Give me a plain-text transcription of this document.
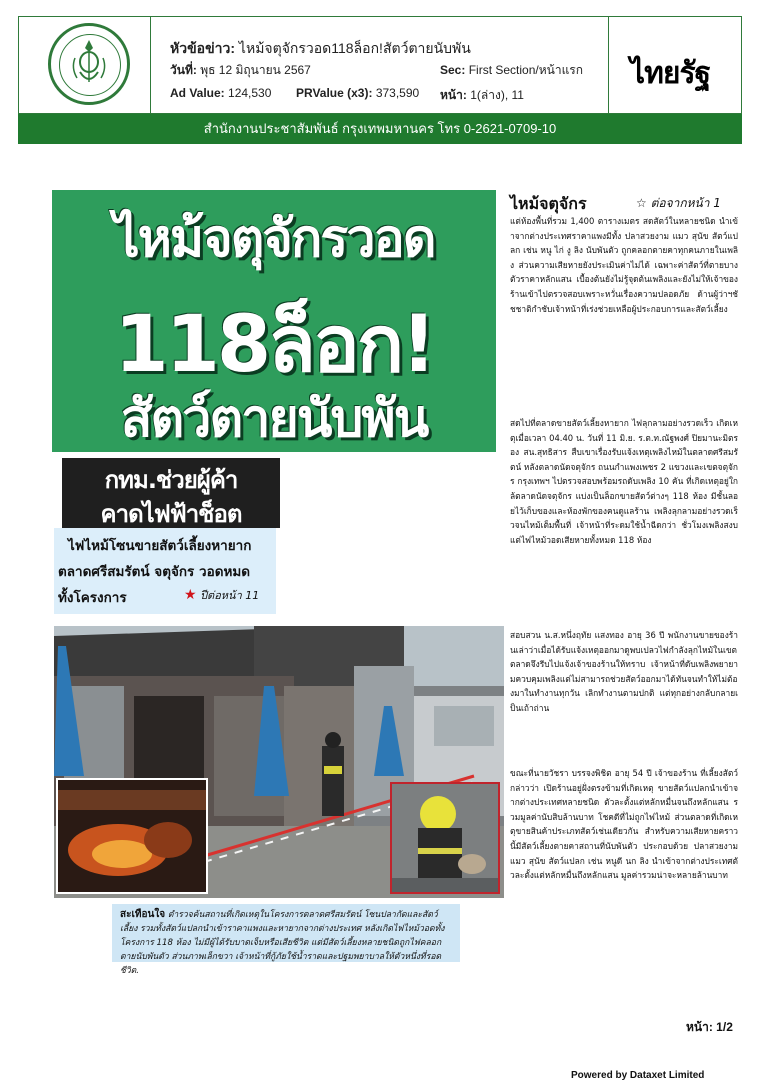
หัวข้อข่าว: ไหม้จตุจักรวอด118ล็อก!สัตว์ตายนับพัน
วันที่: พุธ 12 มิถุนายน 2567	Sec: First Section/หน้าแรก
Ad Value: 124,530 PRValue (x3): 373,590 หน้า: 1(ล่าง), 11
ไทยรัฐ
สำนักงานประชาสัมพันธ์ กรุงเทพมหานคร โทร 0-2621-0709-10
ไหม้จตุจักรวอด
118ล็อก!
สัตว์ตายนับพัน
กทม.ช่วยผู้ค้า
คาดไฟฟ้าช็อต
ไฟไหม้โซนขายสัตว์เลี้ยงหายาก
ตลาดศรีสมรัตน์ จตุจักร วอดหมด
ทั้งโครงการ	★ ปีต่อหน้า 11
สะเทือนใจ ตำรวจค้นสถานที่เกิดเหตุในโครงการตลาดศรีสมรัตน์ โซนปลากัดและสัตว์เลี้ยง รวมทั้งสัตว์แปลกนำเข้าราคาแพงและหายากจากต่างประเทศ หลังเกิดไฟไหม้วอดทั้งโครงการ 118 ห้อง ไม่มีผู้ได้รับบาดเจ็บหรือเสียชีวิต แต่มีสัตว์เลี้ยงหลายชนิดถูกไฟคลอกตายนับพันตัว ส่วนภาพเล็กขวา เจ้าหน้าที่กู้ภัยใช้น้ำราดและปฐมพยาบาลให้ตัวหนึ่งที่รอดชีวิต.
ไหม้จตุจักร	☆ ต่อจากหน้า 1
แต่ห้องพื้นที่รวม 1,400 ตารางเมตร สดสัตว์ในหลายชนิด นำเข้าจากต่างประเทศราคาแพงมีทั้ง ปลาสวยงาม แมว สุนัข สัตว์แปลก เช่น หนู ไก่ งู ลิง นับพันตัว ถูกคลอกตายคาทุกคนภายในเพลิง ส่วนความเสียหายยังประเมินค่าไม่ได้ เฉพาะค่าสัตว์ที่ตายบางตัวราคาหลักแสน เบื้องต้นยังไม่รู้จุดต้นเพลิงและยังไม่ให้เจ้าของร้านเข้าไปตรวจสอบเพราะหวั่นเรื่องความปลอดภัย ด้านผู้ว่าฯชัชชาติกำชับเจ้าหน้าที่เร่งช่วยเหลือผู้ประกอบการและสัตว์เลี้ยง
สดไปที่ตลาดขายสัตว์เลี้ยงหายาก ไฟลุกลามอย่างรวดเร็ว เกิดเหตุเมื่อเวลา 04.40 น. วันที่ 11 มิ.ย. ร.ต.ท.ณัฐพงศ์ ปิยมานะมิตรอง สน.สุทธิสาร สืบเขาเรื่องรับแจ้งเหตุเพลิงไหม้ในตลาดศรีสมรัตน์ หลังตลาดนัดจตุจักร ถนนกำแพงเพชร 2 แขวงและเขตจตุจักร กรุงเทพฯ ไปตรวจสอบพร้อมรถดับเพลิง 10 คัน ที่เกิดเหตุอยู่ใกล้ตลาดนัดจตุจักร แบ่งเป็นล็อกขายสัตว์ต่างๆ 118 ห้อง มีชั้นลอยไว้เก็บของและห้องพักของคนดูแลร้าน เพลิงลุกลามอย่างรวดเร็วจนไหม้เต็มพื้นที่ เจ้าหน้าที่ระดมใช้น้ำฉีดกว่า ชั่วโมงเพลิงสงบ แต่ไฟไหม้วอดเสียหายทั้งหมด 118 ห้อง
สอบสวน น.ส.หนึ่งฤทัย แสงทอง อายุ 36 ปี พนักงานขายของร้านเล่าว่าเมื่อได้รับแจ้งเหตุออกมาดูพบเปลวไฟกำลังลุกไหม้ในเขตตลาดจึงรีบไปแจ้งเจ้าของร้านให้ทราบ เจ้าหน้าที่ดับเพลิงพยายามควบคุมเพลิงแต่ไม่สามารถช่วยสัตว์ออกมาได้ทันจนทำให้ไม่ต้องมาในทำงานทุกวัน เลิกทำงานตามปกติ แต่ทุกอย่างกลับกลายเป็นเถ้าถ่าน
ขณะที่นายวัชรา บรรจงพิชิต อายุ 54 ปี เจ้าของร้าน ที่เลี้ยงสัตว์ กล่าวว่า เปิดร้านอยู่ฝั่งตรงข้ามที่เกิดเหตุ ขายสัตว์แปลกนำเข้าจากต่างประเทศหลายชนิด ตัวละตั้งแต่หลักหมื่นจนถึงหลักแสน รวมมูลค่านับสิบล้านบาท โชคดีที่ไม่ถูกไฟไหม้ ส่วนตลาดที่เกิดเหตุขายสินค้าประเภทสัตว์เช่นเดียวกัน สำหรับความเสียหายคราวนี้มีสัตว์เลี้ยงตายคาสถานที่นับพันตัว ประกอบด้วย ปลาสวยงาม แมว สุนัข สัตว์แปลก เช่น หนูดี นก ลิง นำเข้าจากต่างประเทศตัวละตั้งแต่หลักหมื่นถึงหลักแสน มูลค่ารวมน่าจะหลายล้านบาท
หน้า: 1/2
Powered by Dataxet Limited
